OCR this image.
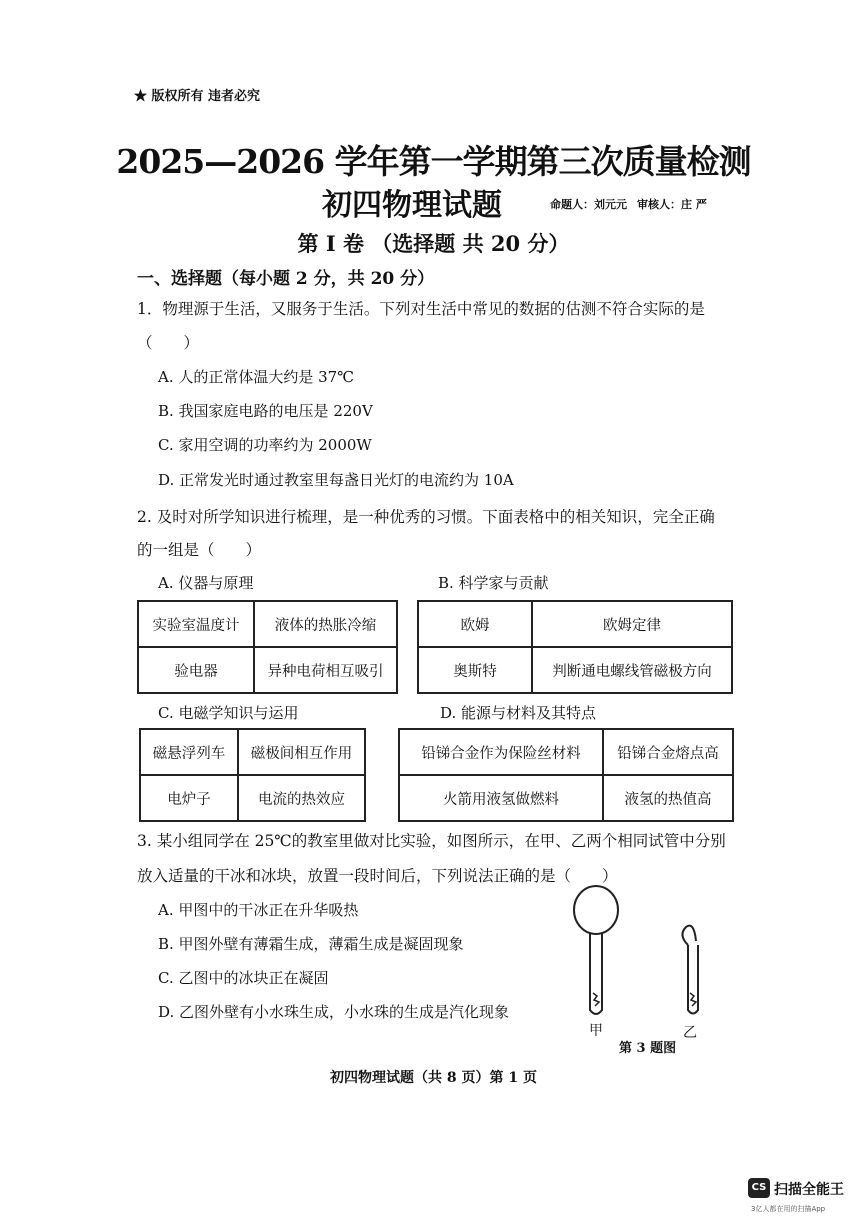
★ 版权所有 违者必究
2025—2026 学年第一学期第三次质量检测
初四物理试题	命题人：刘元元 审核人：庄 严
第 I 卷 （选择题 共 20 分）
一、选择题（每小题 2 分，共 20 分）
1．物理源于生活，又服务于生活。下列对生活中常见的数据的估测不符合实际的是
（　　）
A. 人的正常体温大约是 37℃
B. 我国家庭电路的电压是 220V
C. 家用空调的功率约为 2000W
D. 正常发光时通过教室里每盏日光灯的电流约为 10A
2. 及时对所学知识进行梳理，是一种优秀的习惯。下面表格中的相关知识，完全正确
的一组是（　　）
A. 仪器与原理	B. 科学家与贡献
实验室温度计	液体的热胀冷缩
验电器	异种电荷相互吸引
欧姆	欧姆定律
奥斯特	判断通电螺线管磁极方向
C. 电磁学知识与运用	D. 能源与材料及其特点
磁悬浮列车	磁极间相互作用
电炉子	电流的热效应
铅锑合金作为保险丝材料	铅锑合金熔点高
火箭用液氢做燃料	液氢的热值高
3. 某小组同学在 25℃的教室里做对比实验，如图所示，在甲、乙两个相同试管中分别
放入适量的干冰和冰块，放置一段时间后，下列说法正确的是（　　）
A. 甲图中的干冰正在升华吸热
B. 甲图外壁有薄霜生成，薄霜生成是凝固现象
C. 乙图中的冰块正在凝固
D. 乙图外壁有小水珠生成，小水珠的生成是汽化现象
甲	乙
第 3 题图
初四物理试题（共 8 页）第 1 页
CS 扫描全能王
3亿人都在用的扫描App
